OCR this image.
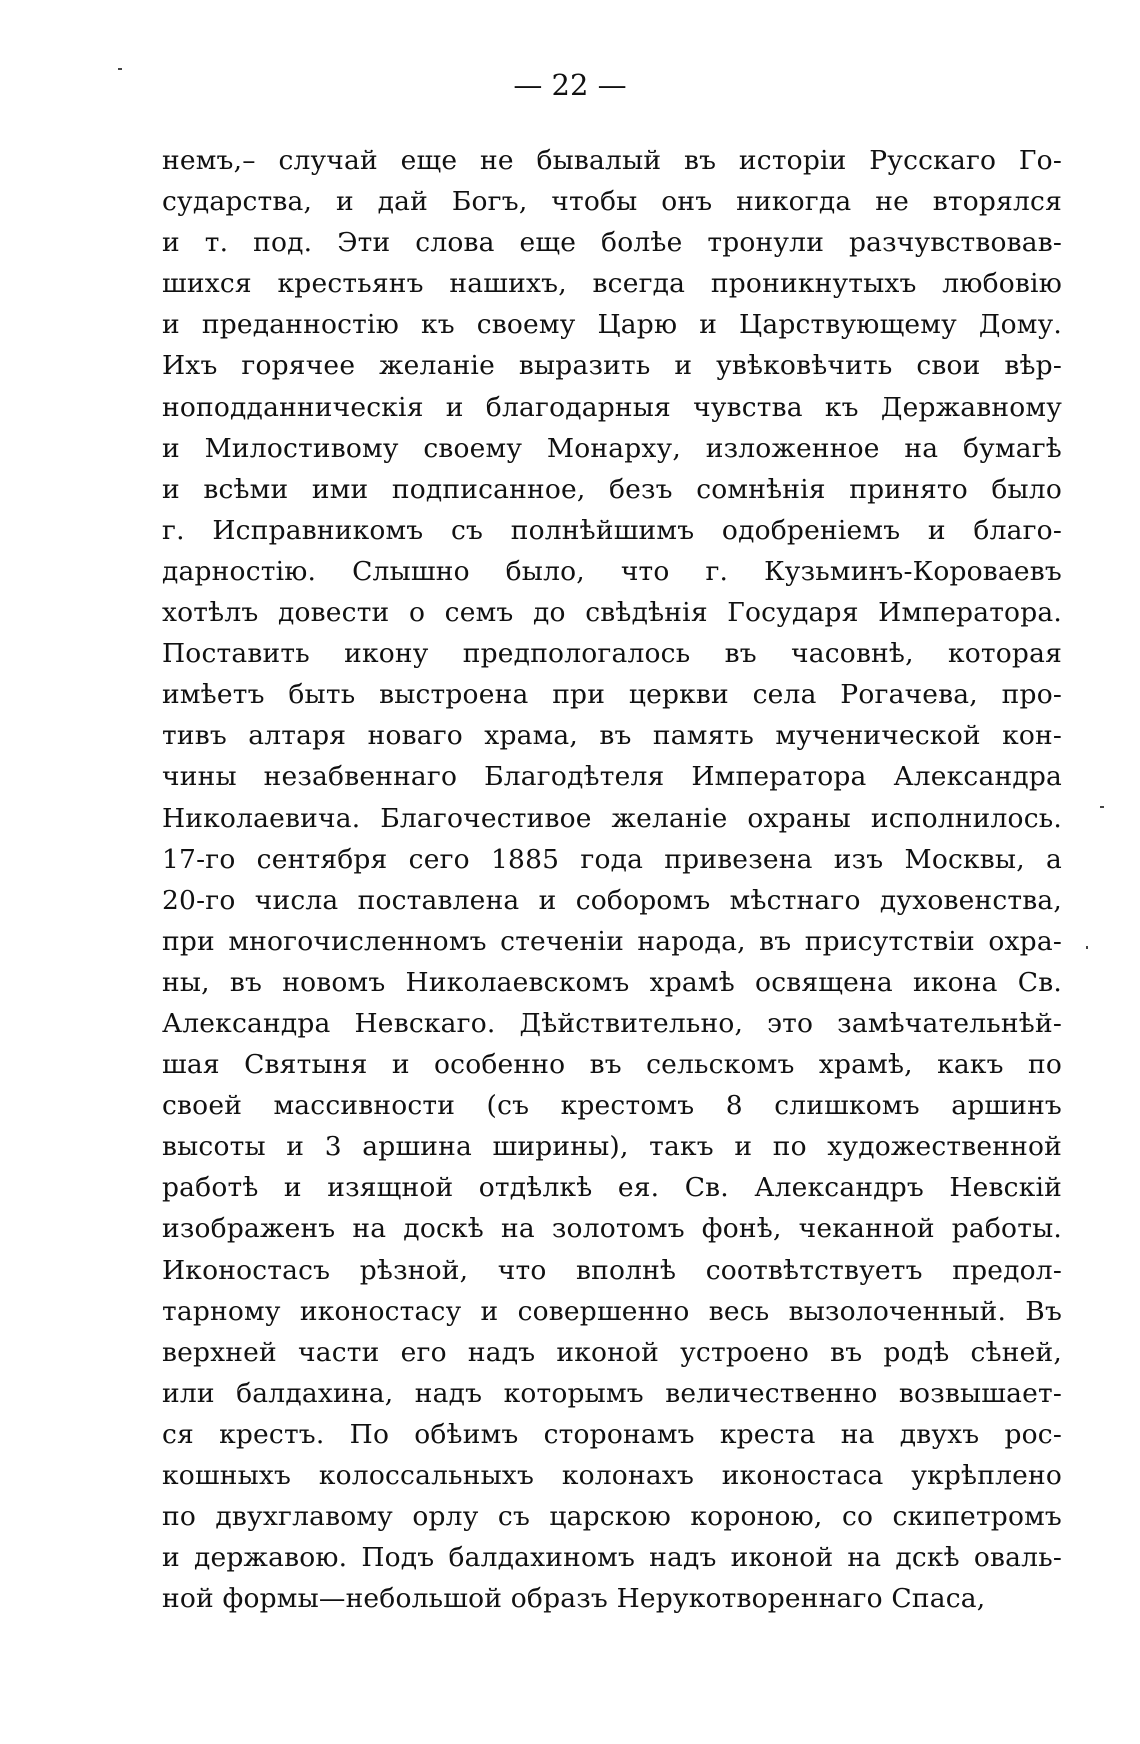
— 22 —
немъ,– случай еще не бывалый въ исторіи Русскаго Го-
сударства, и дай Богъ, чтобы онъ никогда не вторялся
и т. под. Эти слова еще болѣе тронули разчувствовав-
шихся крестьянъ нашихъ, всегда проникнутыхъ любовію
и преданностію къ своему Царю и Царствующему Дому.
Ихъ горячее желаніе выразить и увѣковѣчить свои вѣр-
ноподданническія и благодарныя чувства къ Державному
и Милостивому своему Монарху, изложенное на бумагѣ
и всѣми ими подписанное, безъ сомнѣнія принято было
г. Исправникомъ съ полнѣйшимъ одобреніемъ и благо-
дарностію. Слышно было, что г. Кузьминъ-Короваевъ
хотѣлъ довести о семъ до свѣдѣнія Государя Императора.
Поставить икону предпологалось въ часовнѣ, которая
имѣетъ быть выстроена при церкви села Рогачева, про-
тивъ алтаря новаго храма, въ память мученической кон-
чины незабвеннаго Благодѣтеля Императора Александра
Николаевича. Благочестивое желаніе охраны исполнилось.
17-го сентября сего 1885 года привезена изъ Москвы, а
20-го числа поставлена и соборомъ мѣстнаго духовенства,
при многочисленномъ стеченіи народа, въ присутствіи охра-
ны, въ новомъ Николаевскомъ храмѣ освящена икона Св.
Александра Невскаго. Дѣйствительно, это замѣчательнѣй-
шая Святыня и особенно въ сельскомъ храмѣ, какъ по
своей массивности (съ крестомъ 8 слишкомъ аршинъ
высоты и 3 аршина ширины), такъ и по художественной
работѣ и изящной отдѣлкѣ ея. Св. Александръ Невскій
изображенъ на доскѣ на золотомъ фонѣ, чеканной работы.
Иконостасъ рѣзной, что вполнѣ соотвѣтствуетъ предол-
тарному иконостасу и совершенно весь вызолоченный. Въ
верхней части его надъ иконой устроено въ родѣ сѣней,
или балдахина, надъ которымъ величественно возвышает-
ся крестъ. По обѣимъ сторонамъ креста на двухъ рос-
кошныхъ колоссальныхъ колонахъ иконостаса укрѣплено
по двухглавому орлу съ царскою короною, со скипетромъ
и державою. Подъ балдахиномъ надъ иконой на дскѣ оваль-
ной формы—небольшой образъ Нерукотвореннаго Спаса,
